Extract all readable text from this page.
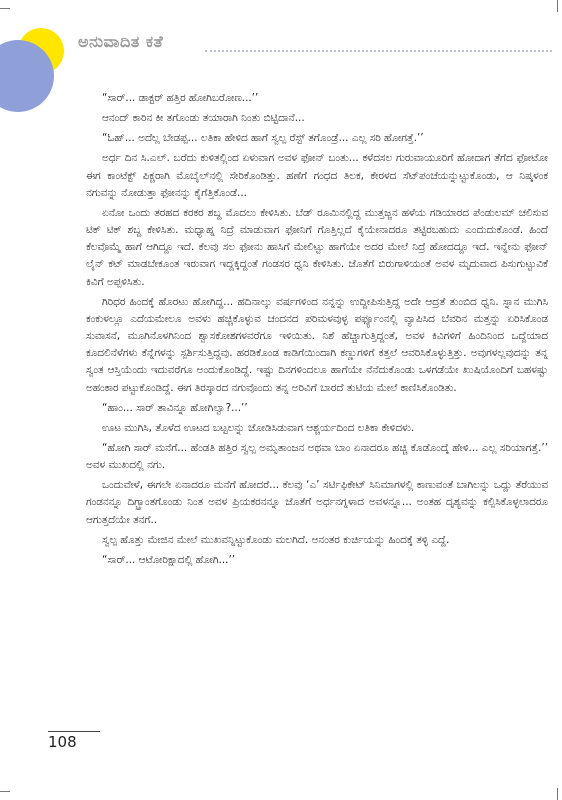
ಅನುವಾದಿತ ಕತೆ

“ಸಾರ್... ಡಾಕ್ಟರ್ ಹತ್ತಿರ ಹೋಗಿಬರೋಣ...’’

ಆನಂದ್ ಕಾರಿನ ಕೀ ತಗೊಂಡು ತಯಾರಾಗಿ ನಿಂತು ಬಿಟ್ಟಿದಾನೆ...

“ಓಹ್... ಅದೆಲ್ಲ ಬೇಡಪ್ಪ... ಲತಿಕಾ ಹೇಳಿದ ಹಾಗೆ ಸ್ವಲ್ಪ ರೆಸ್ಟ್ ತಗೊಂಡ್ರೆ... ಎಲ್ಲ ಸರಿ ಹೋಗತ್ತೆ.’’

ಅರ್ಧ ದಿನ ಸಿ.ಎಲ್. ಬರೆದು ಕುಳಿತಲ್ಲಿಂದ ಏಳುವಾಗ ಅವಳ ಫೋನ್ ಬಂತು... ಕಳೆದಸಲ ಗುರುವಾಯೂರಿಗೆ ಹೋದಾಗ ತೆಗೆದ ಫೋಟೋ ಈಗ ಕಾಂಟೆಕ್ಟ್ ಪಿಕ್ಚರಾಗಿ ಮೊಬೈಲ್‌ನಲ್ಲಿ ಸೇರಿಕೊಂಡಿತ್ತು. ಹಣೆಗೆ ಗಂಧದ ತಿಲಕ, ಕೇರಳದ ಸೆಟ್‌ಪಂಚೆಯನ್ನುಟ್ಟುಕೊಂಡು, ಆ ನಿಷ್ಕಳಂಕ ನಗುವನ್ನು ನೋಡುತ್ತಾ ಫೋನನ್ನು ಕೈಗೆತ್ತಿಕೊಂಡೆ...

ಏನೋ ಒಂದು ತರಹದ ಕರಕರ ಶಬ್ದ ಮೊದಲು ಕೇಳಿಸಿತು. ಬೆಡ್ ರೂಮಿನಲ್ಲಿದ್ದ ಮುತ್ತಜ್ಜನ ಹಳೆಯ ಗಡಿಯಾರದ ಪೆಂಡುಲಮ್ ಚಲಿಸುವ ಟಿಕ್ ಟಿಕ್ ಶಬ್ದ ಕೇಳಿಸಿತು. ಮಧ್ಯಾಹ್ನ ನಿದ್ರೆ ಮಾಡುವಾಗ ಫೋನಿಗೆ ಗೊತ್ತಿಲ್ಲದೆ ಕೈಯೇನಾದರೂ ತಟ್ಟಿರಬಹುದು ಎಂದುದುಕೊಂಡೆ. ಹಿಂದೆ ಕೆಲವೊಮ್ಮೆ ಹಾಗೆ ಆಗಿದ್ದೂ ಇದೆ. ಕೆಲವು ಸಲ ಫೋನು ಹಾಸಿಗೆ ಮೇಲಿಟ್ಟು ಹಾಗೆಯೇ ಅದರ ಮೇಲೆ ನಿದ್ರೆ ಹೋದದ್ದೂ ಇದೆ. ಇನ್ನೇನು ಫೋನ್ ಲೈನ್ ಕಟ್ ಮಾಡಬೇಕೂಂತ ಇರುವಾಗ ಇದ್ದಕ್ಕಿದ್ದಂತೆ ಗಂಡಸರ ಧ್ವನಿ ಕೇಳಿಸಿತು. ಜೊತೆಗೆ ಬಿರುಗಾಳಿಯಂತೆ ಅವಳ ಮೃದುವಾದ ಪಿಸುಗುಟ್ಟುವಿಕೆ ಕಿವಿಗೆ ಅಪ್ಪಳಿಸಿತು.

ಗಿರಿಧರ ಹಿಂದಕ್ಕೆ ಹೊರಟು ಹೋಗಿದ್ದ... ಹದಿನಾಲ್ಕು ವರ್ಷಗಳಿಂದ ನನ್ನನ್ನು ಉದ್ದೀಪಿಸುತ್ತಿದ್ದ ಅದೇ ಆದ್ರತೆ ತುಂಬಿದ ಧ್ವನಿ. ಸ್ನಾನ ಮುಗಿಸಿ ಕಂಕುಳಲ್ಲೂ ಎದೆಯಮೇಲೂ ಅವಳು ಹಚ್ಚಿಕೊಳ್ಳುವ ಚಂದನದ ಪರಿಮಳವುಳ್ಳ ಪರ್ಫ್ಯೂಂನಲ್ಲಿ ವ್ಯಾಪಿಸಿದ ಬೆವರಿನ ಮತ್ತನ್ನು ಏರಿಸಿಕೊಂಡ ಸುವಾಸನೆ, ಮೂಗಿನೊಳಗಿನಿಂದ ಶ್ವಾಸಕೋಶಗಳವರೆಗೂ ಇಳಿಯಿತು. ನಿಶೆ ಹೆಚ್ಚಾಗುತ್ತಿದ್ದಂತೆ, ಅವಳ ಕಿವಿಗಳಿಗೆ ಹಿಂದಿನಿಂದ ಒದ್ದೆಯಾದ ಕೂದಲಿನೆಳೆಗಳು ಕೆನ್ನೆಗಳನ್ನು ಸ್ಪರ್ಶಿಸುತ್ತಿದ್ದವು. ಹರಡಿಕೊಂಡ ಕಾಡಿಗೆಯಿಂದಾಗಿ ಕಣ್ಣುಗಳಿಗೆ ಕತ್ತಲೆ ಆವರಿಸಿಕೊಳ್ಳುತ್ತಿತ್ತು. ಅವುಗಳಲ್ಲವುದನ್ನು ತನ್ನ ಸ್ವಂತ ಆಸ್ತಿಯೆಂದು ಇದುವರೆಗೂ ಅಂದುಕೊಂಡಿದ್ದೆ. ಇಷ್ಟು ದಿನಗಳಿಂದಲೂ ಹಾಗೆಯೇ ನೆನೆದುಕೊಂಡು ಒಳಗಡೆಯೇ ಖುಷಿಯೊಂದಿಗೆ ಬಹಳಷ್ಟು ಅಹಂಕಾರ ಪಟ್ಟುಕೊಂಡಿದ್ದೆ. ಈಗ ತಿರಸ್ಕಾರದ ನಗುವೊಂದು ತನ್ನ ಅರಿವಿಗೆ ಬಾರದೆ ತುಟಿಯ ಮೇಲೆ ಕಾಣಿಸಿಕೊಂಡಿತು.

“ಹಾಂ... ಸಾರ್ ತಾವಿನ್ನೂ ಹೋಗಿಲ್ವಾ?...’’

ಊಟ ಮುಗಿಸಿ, ತೊಳೆದ ಊಟದ ಬಟ್ಟಲನ್ನು ಜೋಡಿಸಿಡುವಾಗ ಆಶ್ಚರ್ಯದಿಂದ ಲತಿಕಾ ಕೇಳಿದಳು.

“ಹೋಗಿ ಸಾರ್ ಮನೆಗೆ... ಹೆಂಡತಿ ಹತ್ತಿರ ಸ್ವಲ್ಪ ಅಮೃತಾಂಜನ ಅಥವಾ ಬಾಂ ಏನಾದರೂ ಹಚ್ಚಿ ಕೊಡೊಂದ್ಕೆ ಹೇಳಿ... ಎಲ್ಲ ಸರಿಯಾಗತ್ತೆ.’’ ಅವಳ ಮುಖದಲ್ಲಿ ನಗು.

ಒಂದುವೇಳೆ, ಈಗಲೇ ಏನಾದರೂ ಮನೆಗೆ ಹೋದರೆ... ಕೆಲವು ‘ಎ’ ಸರ್ಟಿಫಿಕೇಟ್ ಸಿನಿಮಾಗಳಲ್ಲಿ ಕಾಣುವಂತೆ ಬಾಗಿಲನ್ನು ಒದ್ದು ತೆರೆಯುವ ಗಂಡನನ್ನೂ ದಿಗ್ಭ್ರಾಂತಗೊಂಡು ನಿಂತ ಅವಳ ಪ್ರಿಯಕರನನ್ನೂ ಜೊತೆಗೆ ಅರ್ಧನಗ್ನಳಾದ ಅವಳನ್ನೂ... ಅಂತಹ ದೃಶ್ಯವನ್ನು ಕಲ್ಪಿಸಿಕೊಳ್ಳಲಾದರೂ ಆಗುತ್ತದೆಯೇ ತನಗೆ..

ಸ್ವಲ್ಪ ಹೊತ್ತು ಮೇಜಿನ ಮೇಲೆ ಮುಖವನ್ನಿಟ್ಟುಕೊಂಡು ಮಲಗಿದೆ. ಅನಂತರ ಕುರ್ಚಿಯನ್ನು ಹಿಂದಕ್ಕೆ ತಳ್ಳಿ ಎದ್ದೆ.

“ಸಾರ್... ಆಟೋರಿಕ್ಷಾದಲ್ಲಿ ಹೋಗಿ...’’

108
